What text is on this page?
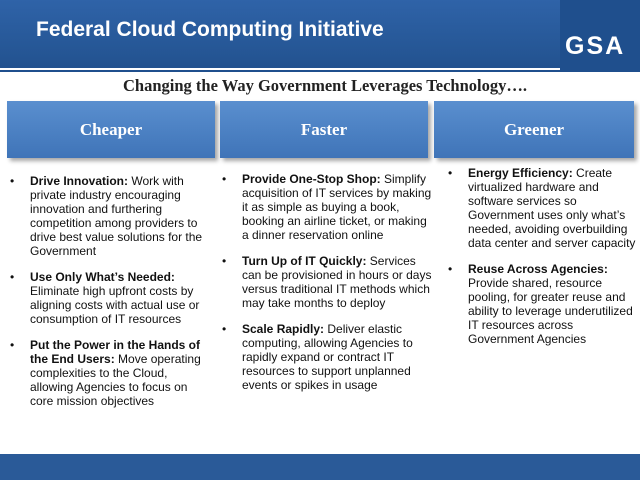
Federal Cloud Computing Initiative
GSA
Changing the Way Government Leverages Technology….
Cheaper	Faster	Greener
• Drive Innovation: Work with private industry encouraging innovation and furthering competition among providers to drive best value solutions for the Government
• Use Only What’s Needed: Eliminate high upfront costs by aligning costs with actual use or consumption of IT resources
• Put the Power in the Hands of the End Users: Move operating complexities to the Cloud, allowing Agencies to focus on core mission objectives
• Provide One-Stop Shop: Simplify acquisition of IT services by making it as simple as buying a book, booking an airline ticket, or making a dinner reservation online
• Turn Up of IT Quickly: Services can be provisioned in hours or days versus traditional IT methods which may take months to deploy
• Scale Rapidly: Deliver elastic computing, allowing Agencies to rapidly expand or contract IT resources to support unplanned events or spikes in usage
• Energy Efficiency: Create virtualized hardware and software services so Government uses only what’s needed, avoiding overbuilding data center and server capacity
• Reuse Across Agencies: Provide shared, resource pooling, for greater reuse and ability to leverage underutilized IT resources across Government Agencies
